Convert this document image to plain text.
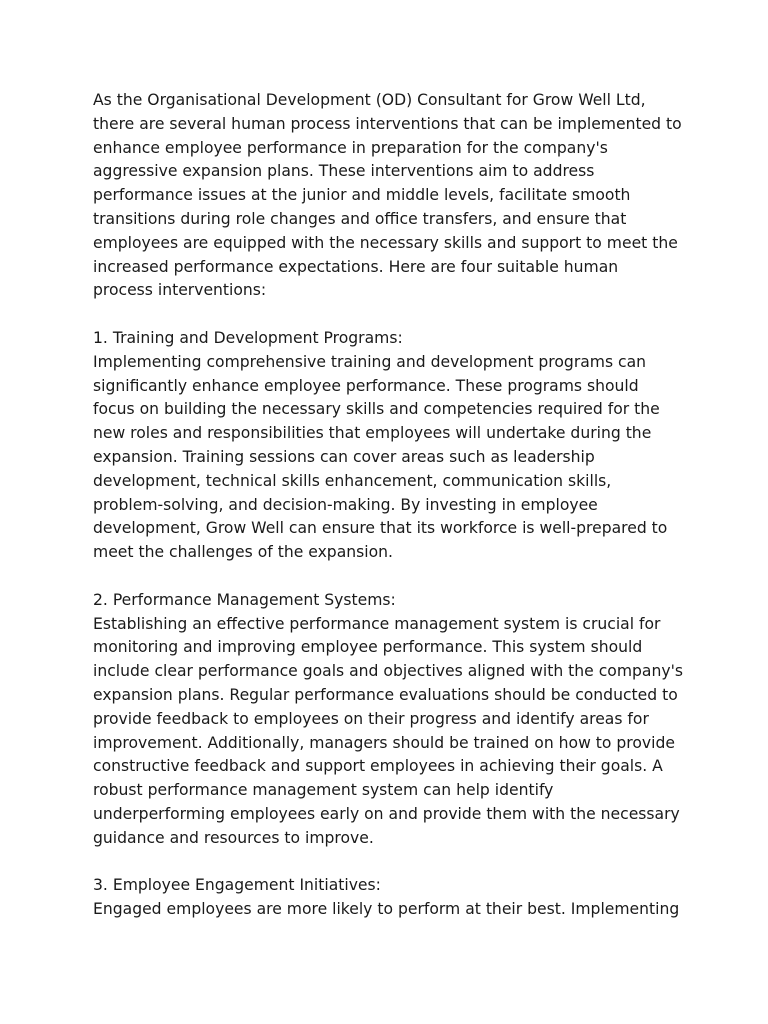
As the Organisational Development (OD) Consultant for Grow Well Ltd, there are several human process interventions that can be implemented to enhance employee performance in preparation for the company's aggressive expansion plans. These interventions aim to address performance issues at the junior and middle levels, facilitate smooth transitions during role changes and office transfers, and ensure that employees are equipped with the necessary skills and support to meet the increased performance expectations. Here are four suitable human process interventions:

1. Training and Development Programs:

Implementing comprehensive training and development programs can significantly enhance employee performance. These programs should focus on building the necessary skills and competencies required for the new roles and responsibilities that employees will undertake during the expansion. Training sessions can cover areas such as leadership development, technical skills enhancement, communication skills, problem-solving, and decision-making. By investing in employee development, Grow Well can ensure that its workforce is well-prepared to meet the challenges of the expansion.

2. Performance Management Systems:

Establishing an effective performance management system is crucial for monitoring and improving employee performance. This system should include clear performance goals and objectives aligned with the company's expansion plans. Regular performance evaluations should be conducted to provide feedback to employees on their progress and identify areas for improvement. Additionally, managers should be trained on how to provide constructive feedback and support employees in achieving their goals. A robust performance management system can help identify underperforming employees early on and provide them with the necessary guidance and resources to improve.

3. Employee Engagement Initiatives:

Engaged employees are more likely to perform at their best. Implementing
